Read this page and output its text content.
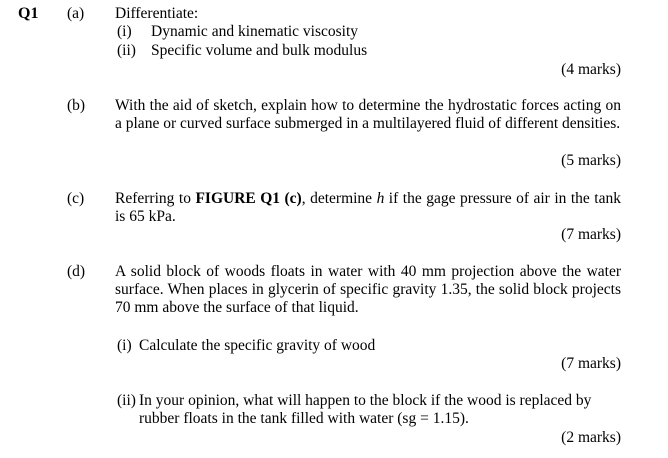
Q1 (a) Differentiate:
(i) Dynamic and kinematic viscosity
(ii) Specific volume and bulk modulus
(4 marks)
(b) With the aid of sketch, explain how to determine the hydrostatic forces acting on a plane or curved surface submerged in a multilayered fluid of different densities.
(5 marks)
(c) Referring to FIGURE Q1 (c), determine h if the gage pressure of air in the tank is 65 kPa.
(7 marks)
(d) A solid block of woods floats in water with 40 mm projection above the water surface. When places in glycerin of specific gravity 1.35, the solid block projects 70 mm above the surface of that liquid.
(i) Calculate the specific gravity of wood
(7 marks)
(ii) In your opinion, what will happen to the block if the wood is replaced by
rubber floats in the tank filled with water (sg = 1.15).
(2 marks)
